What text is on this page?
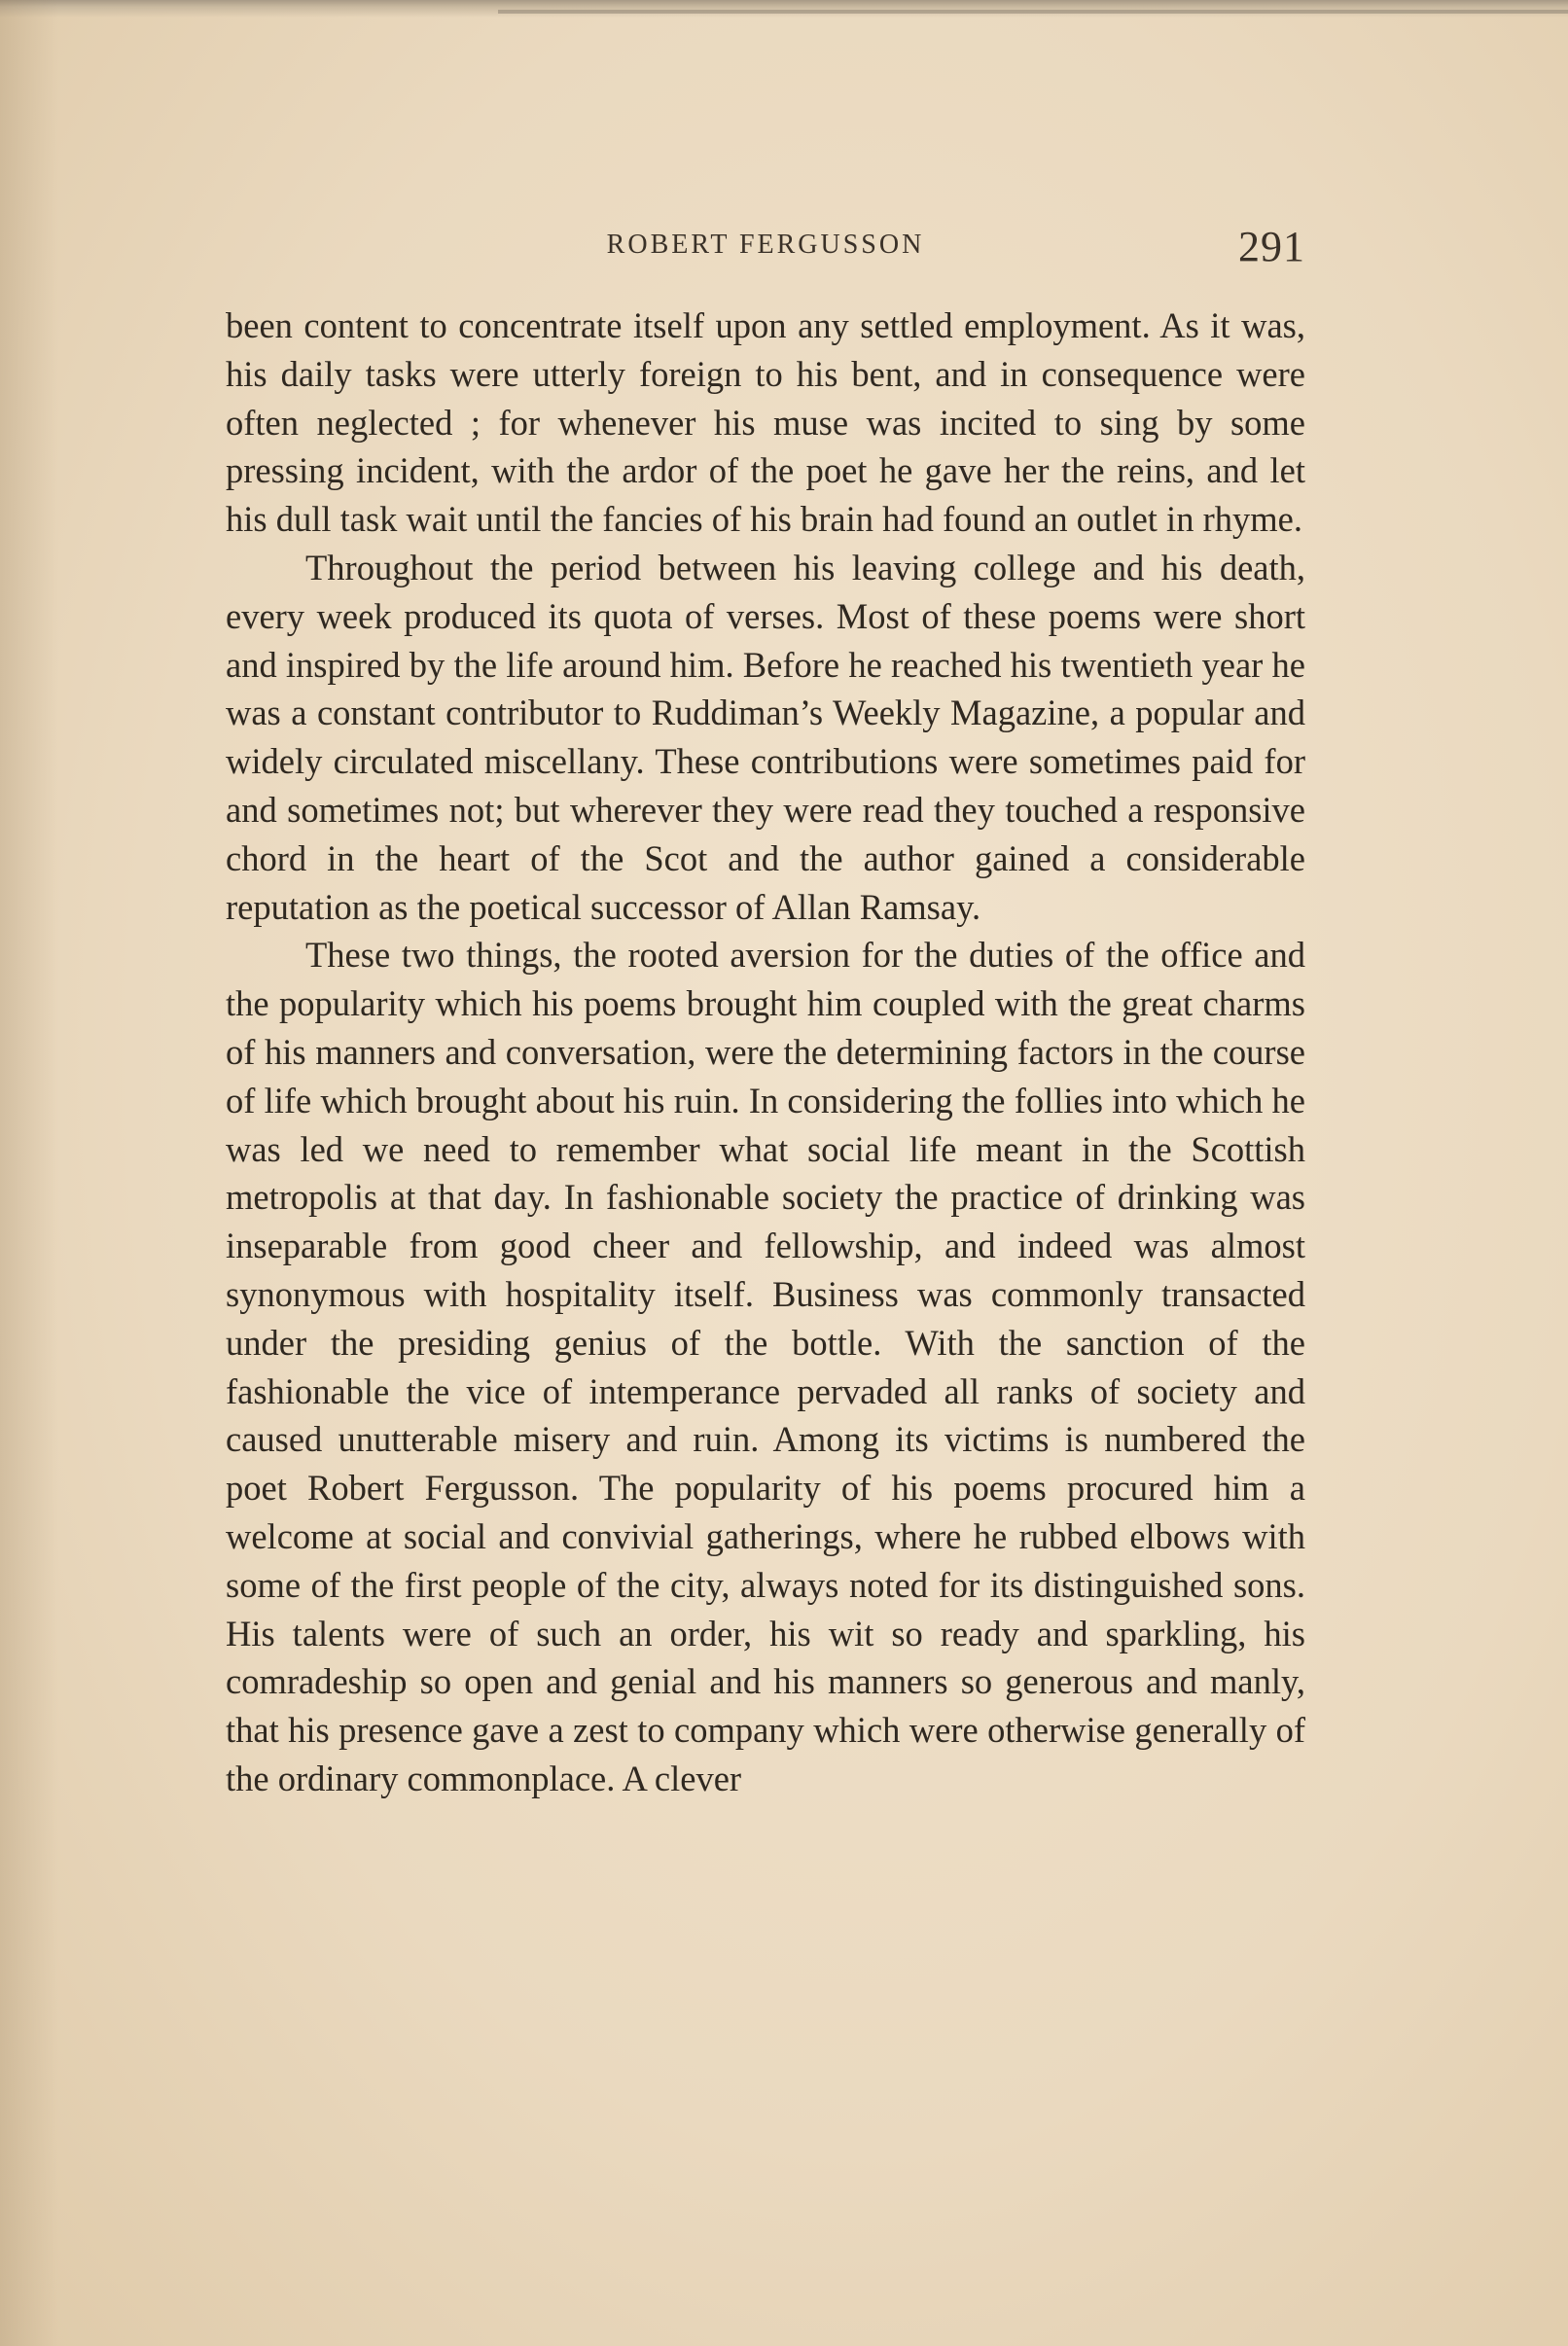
ROBERT FERGUSSON	291

been content to concentrate itself upon any settled employment. As it was, his daily tasks were utterly foreign to his bent, and in consequence were often neglected ; for whenever his muse was incited to sing by some pressing incident, with the ardor of the poet he gave her the reins, and let his dull task wait until the fancies of his brain had found an outlet in rhyme.

Throughout the period between his leaving college and his death, every week produced its quota of verses. Most of these poems were short and inspired by the life around him. Before he reached his twentieth year he was a constant contributor to Ruddiman’s Weekly Magazine, a popular and widely circulated miscellany. These contributions were sometimes paid for and sometimes not; but wherever they were read they touched a responsive chord in the heart of the Scot and the author gained a considerable reputation as the poetical successor of Allan Ramsay.

These two things, the rooted aversion for the duties of the office and the popularity which his poems brought him coupled with the great charms of his manners and conversation, were the determining factors in the course of life which brought about his ruin. In considering the follies into which he was led we need to remember what social life meant in the Scottish metropolis at that day. In fashionable society the practice of drinking was inseparable from good cheer and fellowship, and indeed was almost synonymous with hospitality itself. Business was commonly transacted under the presiding genius of the bottle. With the sanction of the fashionable the vice of intemperance pervaded all ranks of society and caused unutterable misery and ruin. Among its victims is numbered the poet Robert Fergusson. The popularity of his poems procured him a welcome at social and convivial gatherings, where he rubbed elbows with some of the first people of the city, always noted for its distinguished sons. His talents were of such an order, his wit so ready and sparkling, his comradeship so open and genial and his manners so generous and manly, that his presence gave a zest to company which were otherwise generally of the ordinary commonplace. A clever
